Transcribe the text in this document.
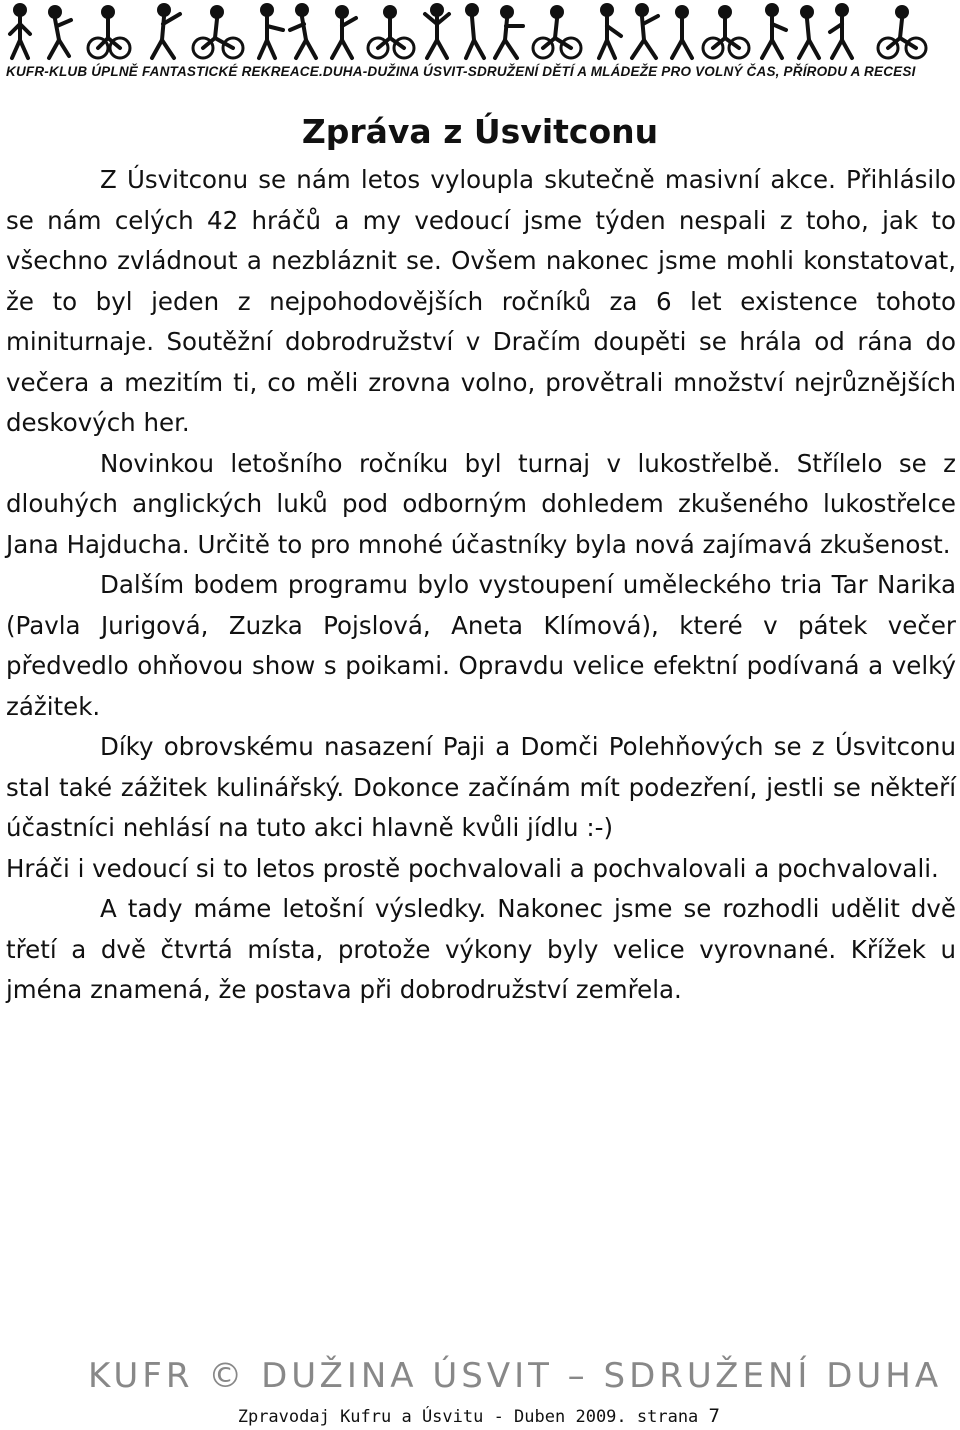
KUFR-KLUB ÚPLNĚ FANTASTICKÉ REKREACE.DUHA-DUŽINA ÚSVIT-SDRUŽENÍ DĚTÍ A MLÁDEŽE PRO VOLNÝ ČAS, PŘÍRODU A RECESI
Zpráva z Úsvitconu

Z Úsvitconu se nám letos vyloupla skutečně masivní akce. Přihlásilo se nám celých 42 hráčů a my vedoucí jsme týden nespali z toho, jak to všechno zvládnout a nezbláznit se. Ovšem nakonec jsme mohli konstatovat, že to byl jeden z nejpohodovějších ročníků za 6 let existence tohoto miniturnaje. Soutěžní dobrodružství v Dračím doupěti se hrála od rána do večera a mezitím ti, co měli zrovna volno, provětrali množství nejrůznějších deskových her.

Novinkou letošního ročníku byl turnaj v lukostřelbě. Střílelo se z dlouhých anglických luků pod odborným dohledem zkušeného lukostřelce Jana Hajducha. Určitě to pro mnohé účastníky byla nová zajímavá zkušenost.

Dalším bodem programu bylo vystoupení uměleckého tria Tar Narika (Pavla Jurigová, Zuzka Pojslová, Aneta Klímová), které v pátek večer předvedlo ohňovou show s poikami. Opravdu velice efektní podívaná a velký zážitek.

Díky obrovskému nasazení Paji a Domči Polehňových se z Úsvitconu stal také zážitek kulinářský. Dokonce začínám mít podezření, jestli se někteří účastníci nehlásí na tuto akci hlavně kvůli jídlu :-)

Hráči i vedoucí si to letos prostě pochvalovali a pochvalovali a pochvalovali.

A tady máme letošní výsledky. Nakonec jsme se rozhodli udělit dvě třetí a dvě čtvrtá místa, protože výkony byly velice vyrovnané. Křížek u jména znamená, že postava při dobrodružství zemřela.

KUFR © DUŽINA ÚSVIT – SDRUŽENÍ DUHA
Zpravodaj Kufru a Úsvitu - Duben 2009. strana 7
